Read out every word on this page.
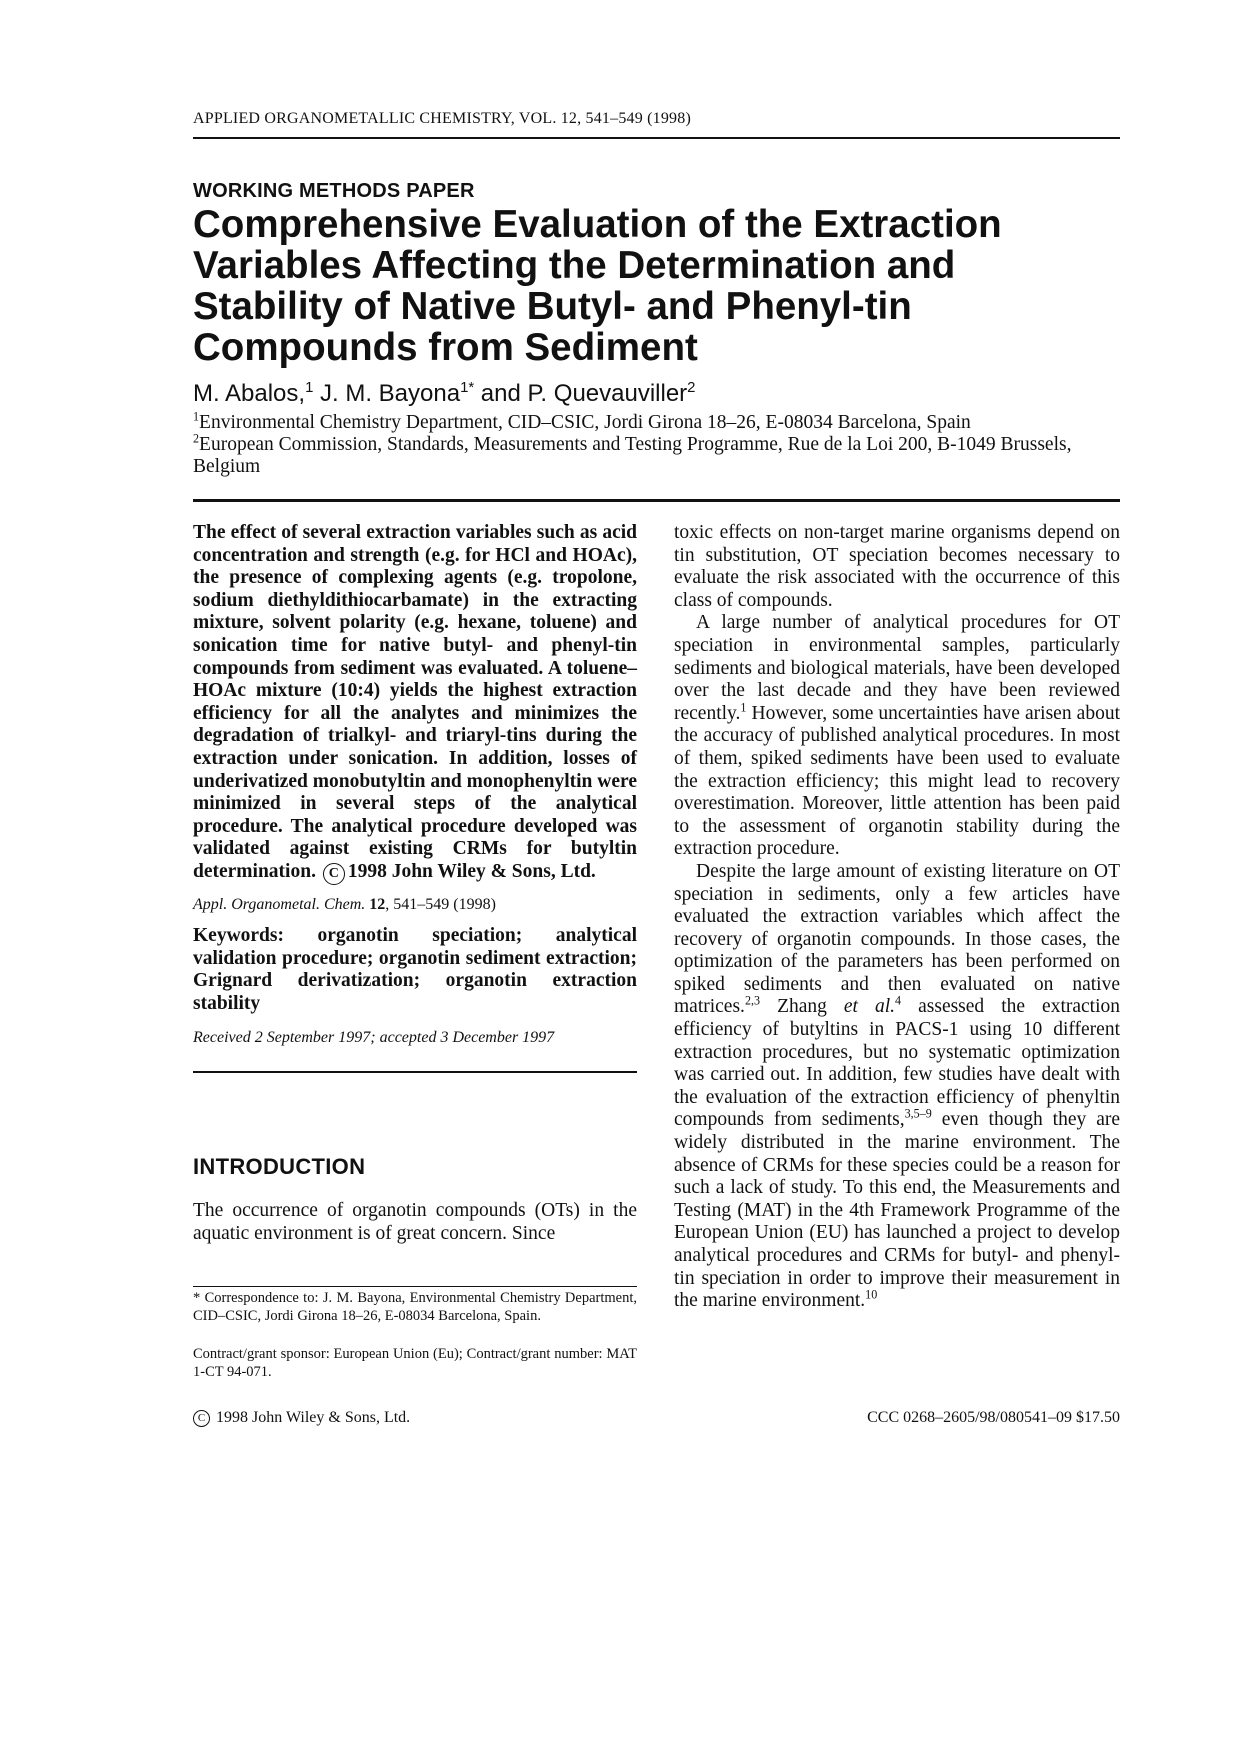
APPLIED ORGANOMETALLIC CHEMISTRY, VOL. 12, 541–549 (1998)
WORKING METHODS PAPER
Comprehensive Evaluation of the Extraction
Variables Affecting the Determination and
Stability of Native Butyl- and Phenyl-tin
Compounds from Sediment
M. Abalos,$^1$ J. M. Bayona$^{1*}$ and P. Quevauviller$^2$
$^1$Environmental Chemistry Department, CID–CSIC, Jordi Girona 18–26, E-08034 Barcelona, Spain
$^2$European Commission, Standards, Measurements and Testing Programme, Rue de la Loi 200, B-1049 Brussels, Belgium

The effect of several extraction variables such as acid concentration and strength (e.g. for HCl and HOAc), the presence of complexing agents (e.g. tropolone, sodium diethyldithiocarbamate) in the extracting mixture, solvent polarity (e.g. hexane, toluene) and sonication time for native butyl- and phenyl-tin compounds from sediment was evaluated. A toluene–HOAc mixture (10:4) yields the highest extraction efficiency for all the analytes and minimizes the degradation of trialkyl- and triaryl-tins during the extraction under sonication. In addition, losses of underivatized monobutyltin and monophenyltin were minimized in several steps of the analytical procedure. The analytical procedure developed was validated against existing CRMs for butyltin determination. C 1998 John Wiley & Sons, Ltd.

Appl. Organometal. Chem. 12, 541–549 (1998)

Keywords: organotin speciation; analytical validation procedure; organotin sediment extraction; Grignard derivatization; organotin extraction stability

Received 2 September 1997; accepted 3 December 1997

INTRODUCTION

The occurrence of organotin compounds (OTs) in the aquatic environment is of great concern. Since

* Correspondence to: J. M. Bayona, Environmental Chemistry Department, CID–CSIC, Jordi Girona 18–26, E-08034 Barcelona, Spain.

Contract/grant sponsor: European Union (Eu); Contract/grant number: MAT 1-CT 94-071.

toxic effects on non-target marine organisms depend on tin substitution, OT speciation becomes necessary to evaluate the risk associated with the occurrence of this class of compounds.

A large number of analytical procedures for OT speciation in environmental samples, particularly sediments and biological materials, have been developed over the last decade and they have been reviewed recently.$^1$ However, some uncertainties have arisen about the accuracy of published analytical procedures. In most of them, spiked sediments have been used to evaluate the extraction efficiency; this might lead to recovery overestimation. Moreover, little attention has been paid to the assessment of organotin stability during the extraction procedure.

Despite the large amount of existing literature on OT speciation in sediments, only a few articles have evaluated the extraction variables which affect the recovery of organotin compounds. In those cases, the optimization of the parameters has been performed on spiked sediments and then evaluated on native matrices.$^{2,3}$ Zhang et al.$^4$ assessed the extraction efficiency of butyltins in PACS-1 using 10 different extraction procedures, but no systematic optimization was carried out. In addition, few studies have dealt with the evaluation of the extraction efficiency of phenyltin compounds from sediments,$^{3,5-9}$ even though they are widely distributed in the marine environment. The absence of CRMs for these species could be a reason for such a lack of study. To this end, the Measurements and Testing (MAT) in the 4th Framework Programme of the European Union (EU) has launched a project to develop analytical procedures and CRMs for butyl- and phenyl-tin speciation in order to improve their measurement in the marine environment.$^{10}$

C 1998 John Wiley & Sons, Ltd.	CCC 0268–2605/98/080541–09 $17.50
